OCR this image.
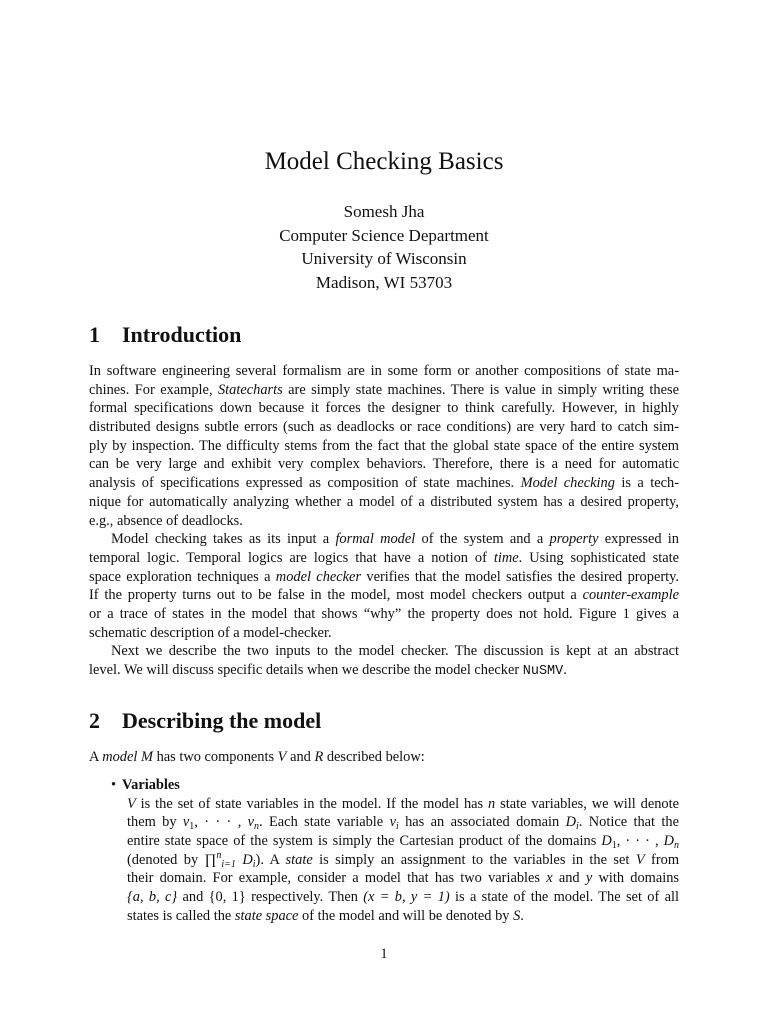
Model Checking Basics
Somesh Jha
Computer Science Department
University of Wisconsin
Madison, WI 53703
1 Introduction
In software engineering several formalism are in some form or another compositions of state ma-
chines. For example, Statecharts are simply state machines. There is value in simply writing these
formal specifications down because it forces the designer to think carefully. However, in highly
distributed designs subtle errors (such as deadlocks or race conditions) are very hard to catch sim-
ply by inspection. The difficulty stems from the fact that the global state space of the entire system
can be very large and exhibit very complex behaviors. Therefore, there is a need for automatic
analysis of specifications expressed as composition of state machines. Model checking is a tech-
nique for automatically analyzing whether a model of a distributed system has a desired property,
e.g., absence of deadlocks.
Model checking takes as its input a formal model of the system and a property expressed in
temporal logic. Temporal logics are logics that have a notion of time. Using sophisticated state
space exploration techniques a model checker verifies that the model satisfies the desired property.
If the property turns out to be false in the model, most model checkers output a counter-example
or a trace of states in the model that shows “why” the property does not hold. Figure 1 gives a
schematic description of a model-checker.
Next we describe the two inputs to the model checker. The discussion is kept at an abstract
level. We will discuss specific details when we describe the model checker NuSMV.
2 Describing the model
A model M has two components V and R described below:
• Variables
V is the set of state variables in the model. If the model has n state variables, we will denote
them by $v_1$, · · · , $v_n$. Each state variable $v_i$ has an associated domain $D_i$. Notice that the
entire state space of the system is simply the Cartesian product of the domains $D_1$, · · · , $D_n$
(denoted by ∏$^n_{i=1}$ $D_i$). A state is simply an assignment to the variables in the set V from
their domain. For example, consider a model that has two variables x and y with domains
{a, b, c} and {0, 1} respectively. Then (x = b, y = 1) is a state of the model. The set of all
states is called the state space of the model and will be denoted by S.
1
